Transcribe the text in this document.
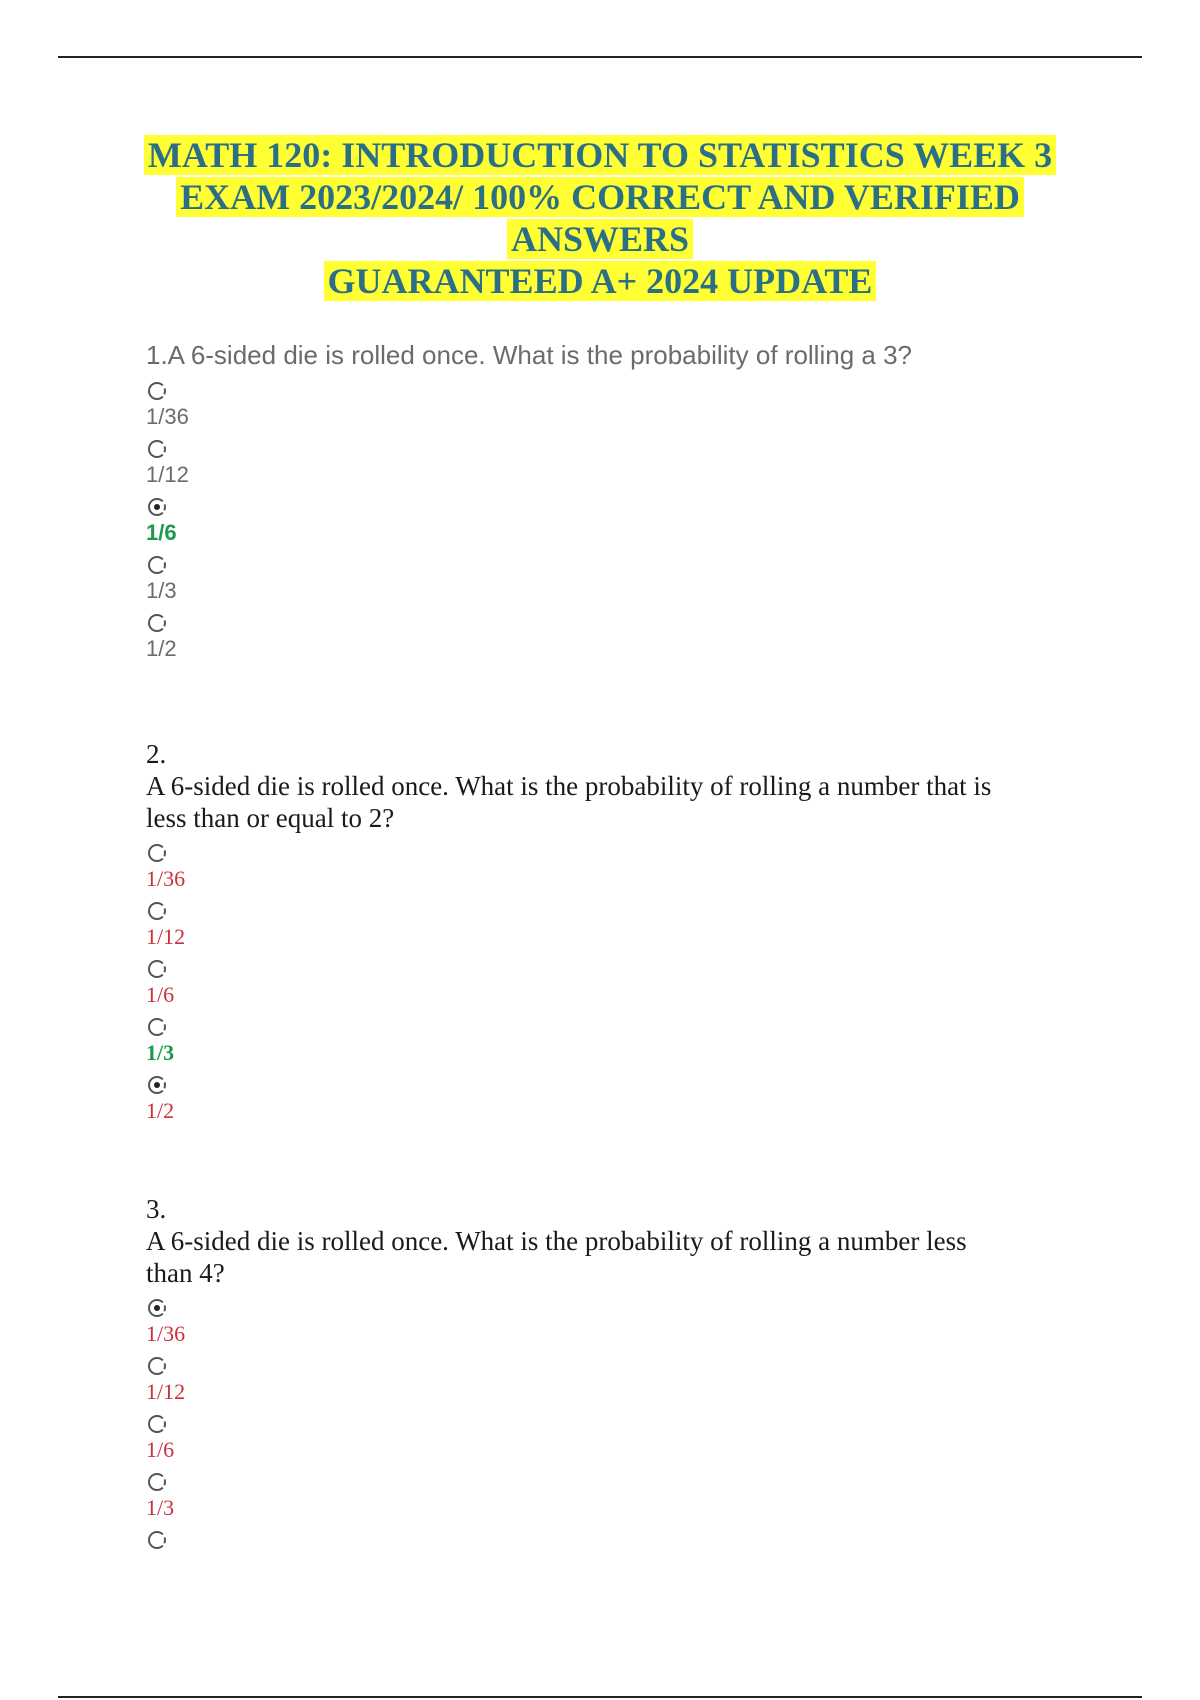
MATH 120: INTRODUCTION TO STATISTICS WEEK 3
EXAM 2023/2024/ 100% CORRECT AND VERIFIED
ANSWERS
GUARANTEED A+ 2024 UPDATE
1.A 6-sided die is rolled once. What is the probability of rolling a 3?
1/36
1/12
1/6
1/3
1/2
2.
A 6-sided die is rolled once. What is the probability of rolling a number that is
less than or equal to 2?
1/36
1/12
1/6
1/3
1/2
3.
A 6-sided die is rolled once. What is the probability of rolling a number less
than 4?
1/36
1/12
1/6
1/3
